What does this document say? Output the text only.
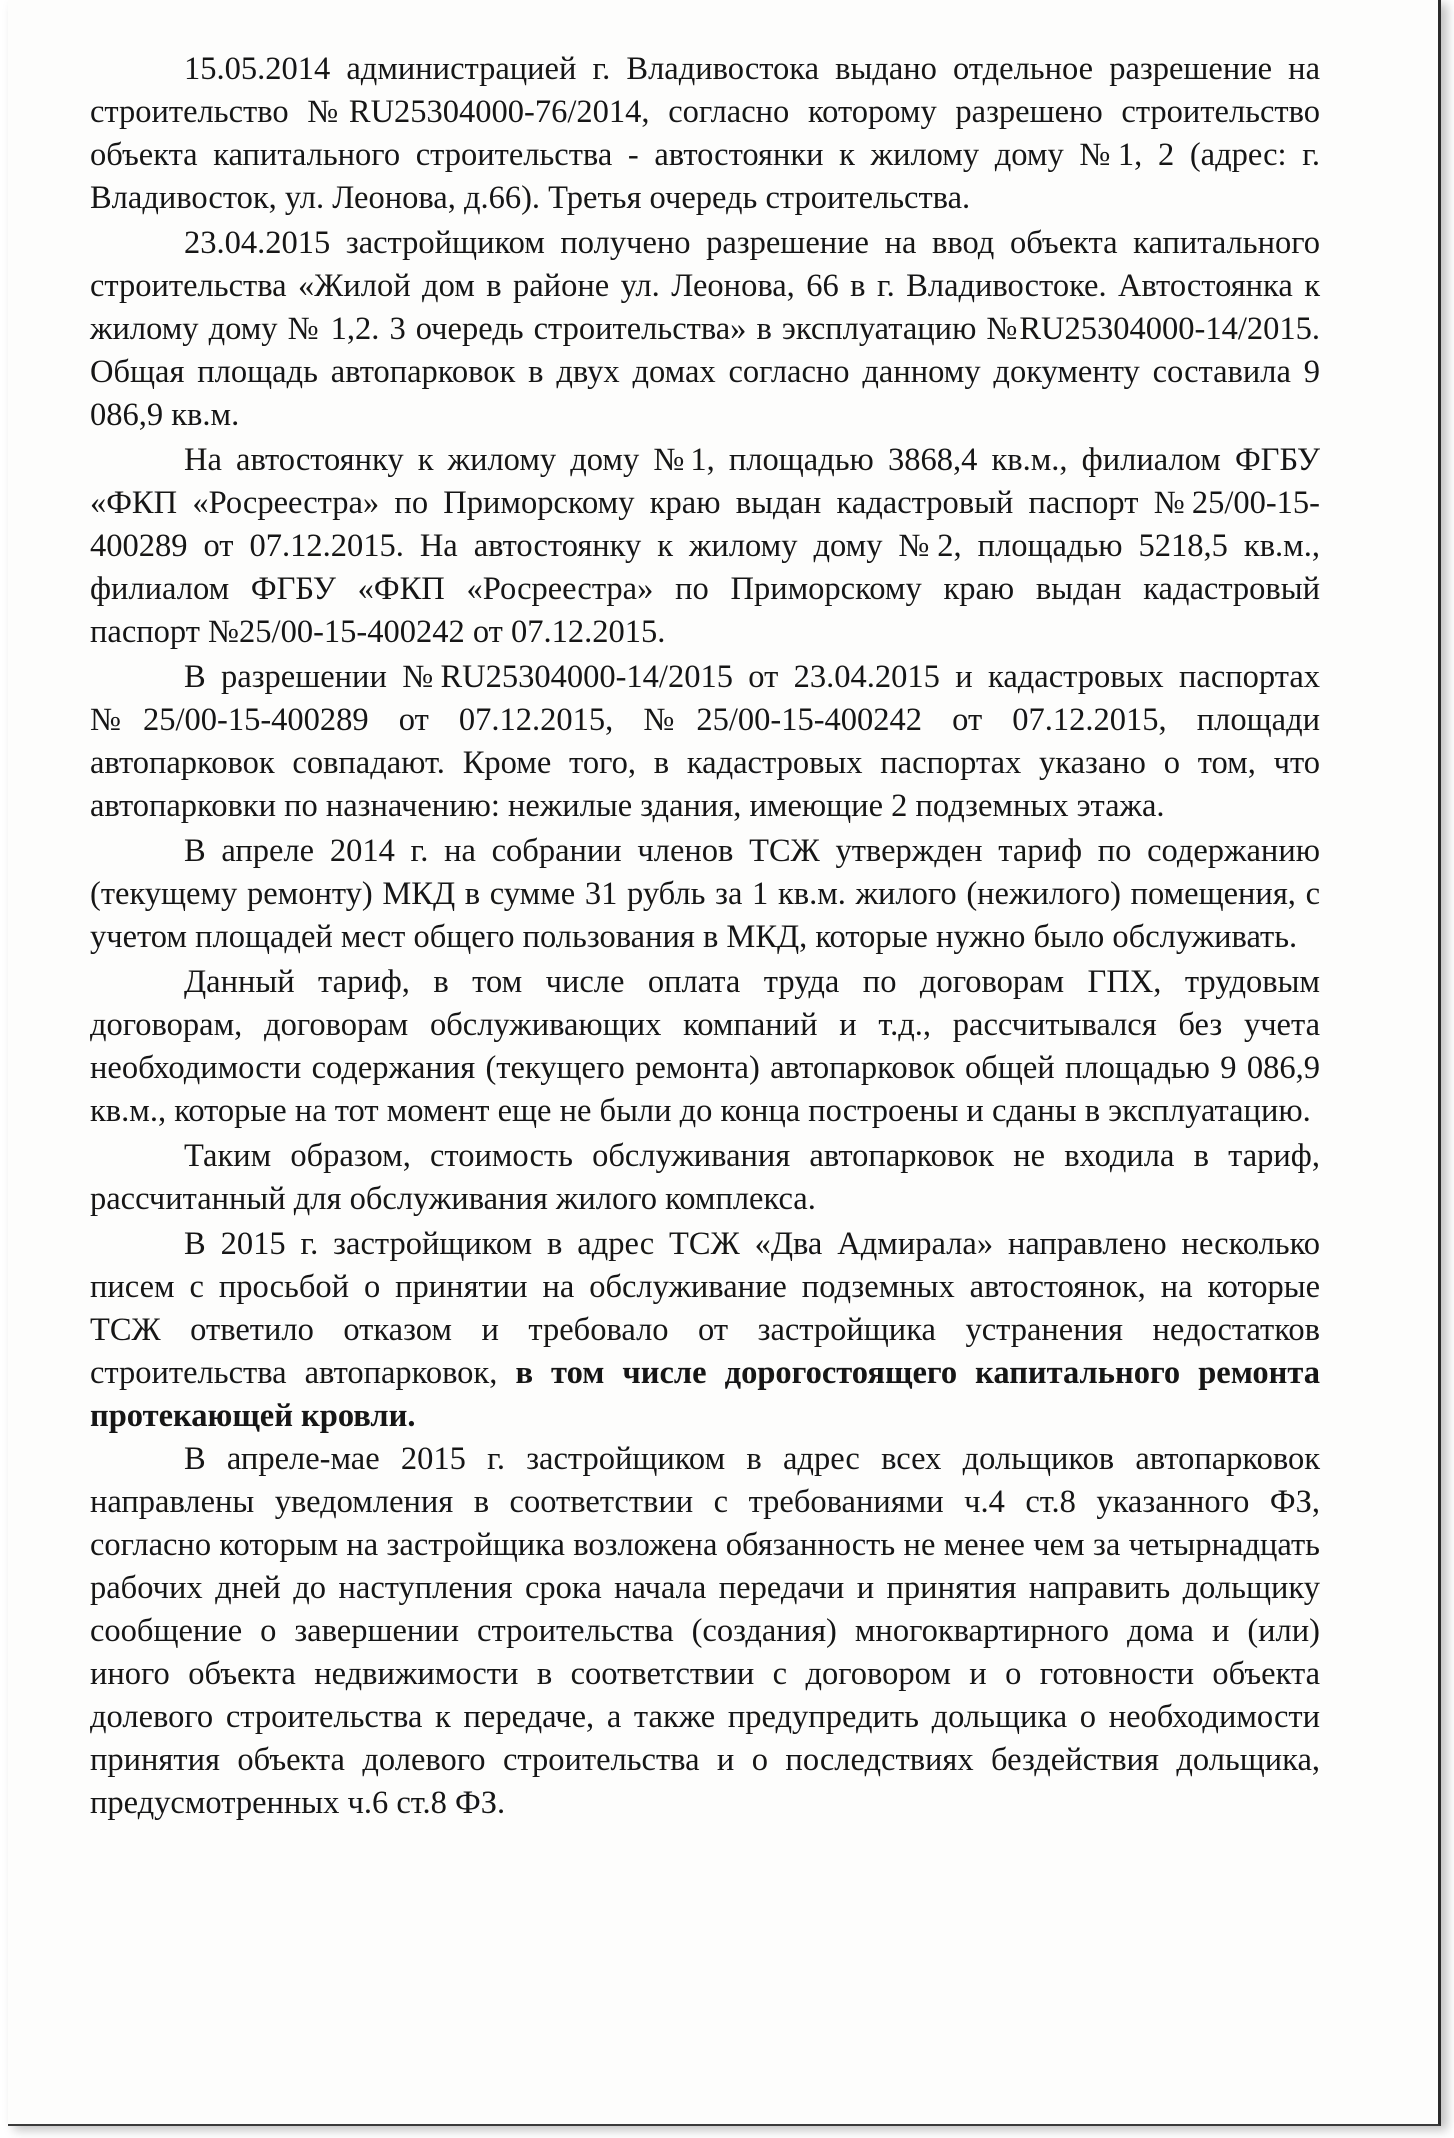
15.05.2014 администрацией г. Владивостока выдано отдельное разрешение на строительство №RU25304000-76/2014, согласно которому разрешено строительство объекта капитального строительства - автостоянки к жилому дому №1, 2 (адрес: г. Владивосток, ул. Леонова, д.66). Третья очередь строительства.

23.04.2015 застройщиком получено разрешение на ввод объекта капитального строительства «Жилой дом в районе ул. Леонова, 66 в г. Владивостоке. Автостоянка к жилому дому № 1,2. 3 очередь строительства» в эксплуатацию №RU25304000-14/2015. Общая площадь автопарковок в двух домах согласно данному документу составила 9 086,9 кв.м.

На автостоянку к жилому дому №1, площадью 3868,4 кв.м., филиалом ФГБУ «ФКП «Росреестра» по Приморскому краю выдан кадастровый паспорт №25/00-15-400289 от 07.12.2015. На автостоянку к жилому дому №2, площадью 5218,5 кв.м., филиалом ФГБУ «ФКП «Росреестра» по Приморскому краю выдан кадастровый паспорт №25/00-15-400242 от 07.12.2015.

В разрешении №RU25304000-14/2015 от 23.04.2015 и кадастровых паспортах №25/00-15-400289 от 07.12.2015, №25/00-15-400242 от 07.12.2015, площади автопарковок совпадают. Кроме того, в кадастровых паспортах указано о том, что автопарковки по назначению: нежилые здания, имеющие 2 подземных этажа.

В апреле 2014 г. на собрании членов ТСЖ утвержден тариф по содержанию (текущему ремонту) МКД в сумме 31 рубль за 1 кв.м. жилого (нежилого) помещения, с учетом площадей мест общего пользования в МКД, которые нужно было обслуживать.

Данный тариф, в том числе оплата труда по договорам ГПХ, трудовым договорам, договорам обслуживающих компаний и т.д., рассчитывался без учета необходимости содержания (текущего ремонта) автопарковок общей площадью 9 086,9 кв.м., которые на тот момент еще не были до конца построены и сданы в эксплуатацию.

Таким образом, стоимость обслуживания автопарковок не входила в тариф, рассчитанный для обслуживания жилого комплекса.

В 2015 г. застройщиком в адрес ТСЖ «Два Адмирала» направлено несколько писем с просьбой о принятии на обслуживание подземных автостоянок, на которые ТСЖ ответило отказом и требовало от застройщика устранения недостатков строительства автопарковок, в том числе дорогостоящего капитального ремонта протекающей кровли.

В апреле-мае 2015 г. застройщиком в адрес всех дольщиков автопарковок направлены уведомления в соответствии с требованиями ч.4 ст.8 указанного ФЗ, согласно которым на застройщика возложена обязанность не менее чем за четырнадцать рабочих дней до наступления срока начала передачи и принятия направить дольщику сообщение о завершении строительства (создания) многоквартирного дома и (или) иного объекта недвижимости в соответствии с договором и о готовности объекта долевого строительства к передаче, а также предупредить дольщика о необходимости принятия объекта долевого строительства и о последствиях бездействия дольщика, предусмотренных ч.6 ст.8 ФЗ.
